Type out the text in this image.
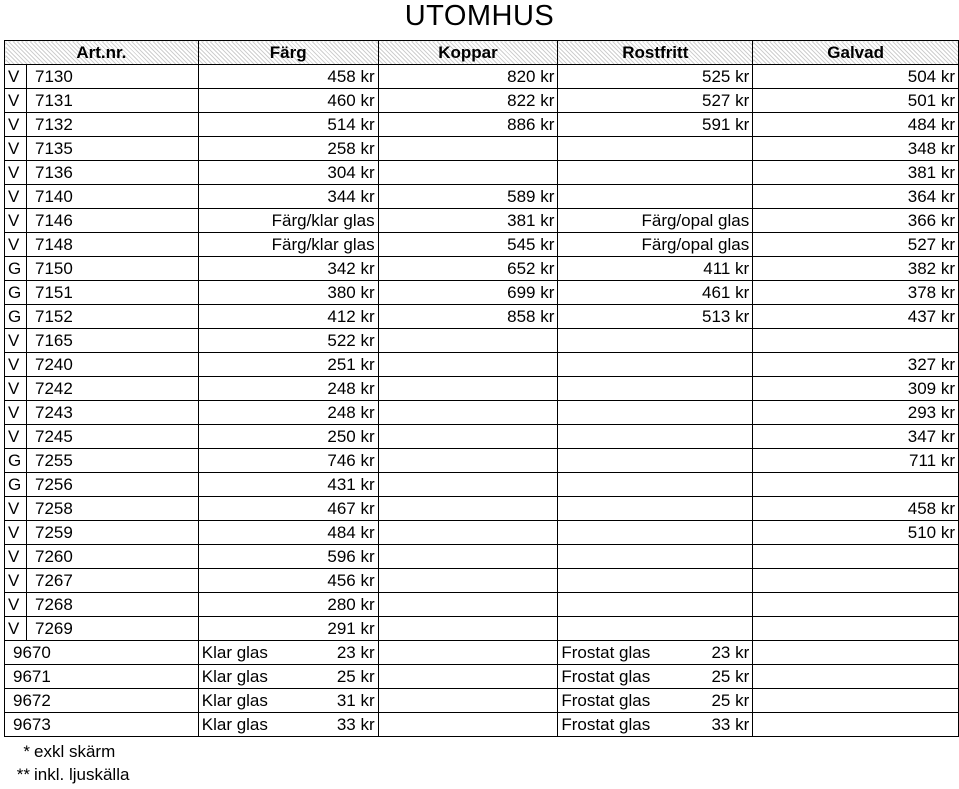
UTOMHUS
Art.nr.		Färg	Koppar	Rostfritt	Galvad
V	7130	458 kr	820 kr	525 kr	504 kr
V	7131	460 kr	822 kr	527 kr	501 kr
V	7132	514 kr	886 kr	591 kr	484 kr
V	7135	258 kr			348 kr
V	7136	304 kr			381 kr
V	7140	344 kr	589 kr		364 kr
V	7146	Färg/klar glas	381 kr	Färg/opal glas	366 kr
V	7148	Färg/klar glas	545 kr	Färg/opal glas	527 kr
G	7150	342 kr	652 kr	411 kr	382 kr
G	7151	380 kr	699 kr	461 kr	378 kr
G	7152	412 kr	858 kr	513 kr	437 kr
V	7165	522 kr			
V	7240	251 kr			327 kr
V	7242	248 kr			309 kr
V	7243	248 kr			293 kr
V	7245	250 kr			347 kr
G	7255	746 kr			711 kr
G	7256	431 kr			
V	7258	467 kr			458 kr
V	7259	484 kr			510 kr
V	7260	596 kr			
V	7267	456 kr			
V	7268	280 kr			
V	7269	291 kr			
9670		Klar glas 23 kr		Frostat glas 23 kr	

9671		Klar glas 25 kr		Frostat glas 25 kr	

9672		Klar glas 31 kr		Frostat glas 25 kr	

9673		Klar glas 33 kr		Frostat glas 33 kr	

*	exkl skärm
**	inkl. ljuskälla
